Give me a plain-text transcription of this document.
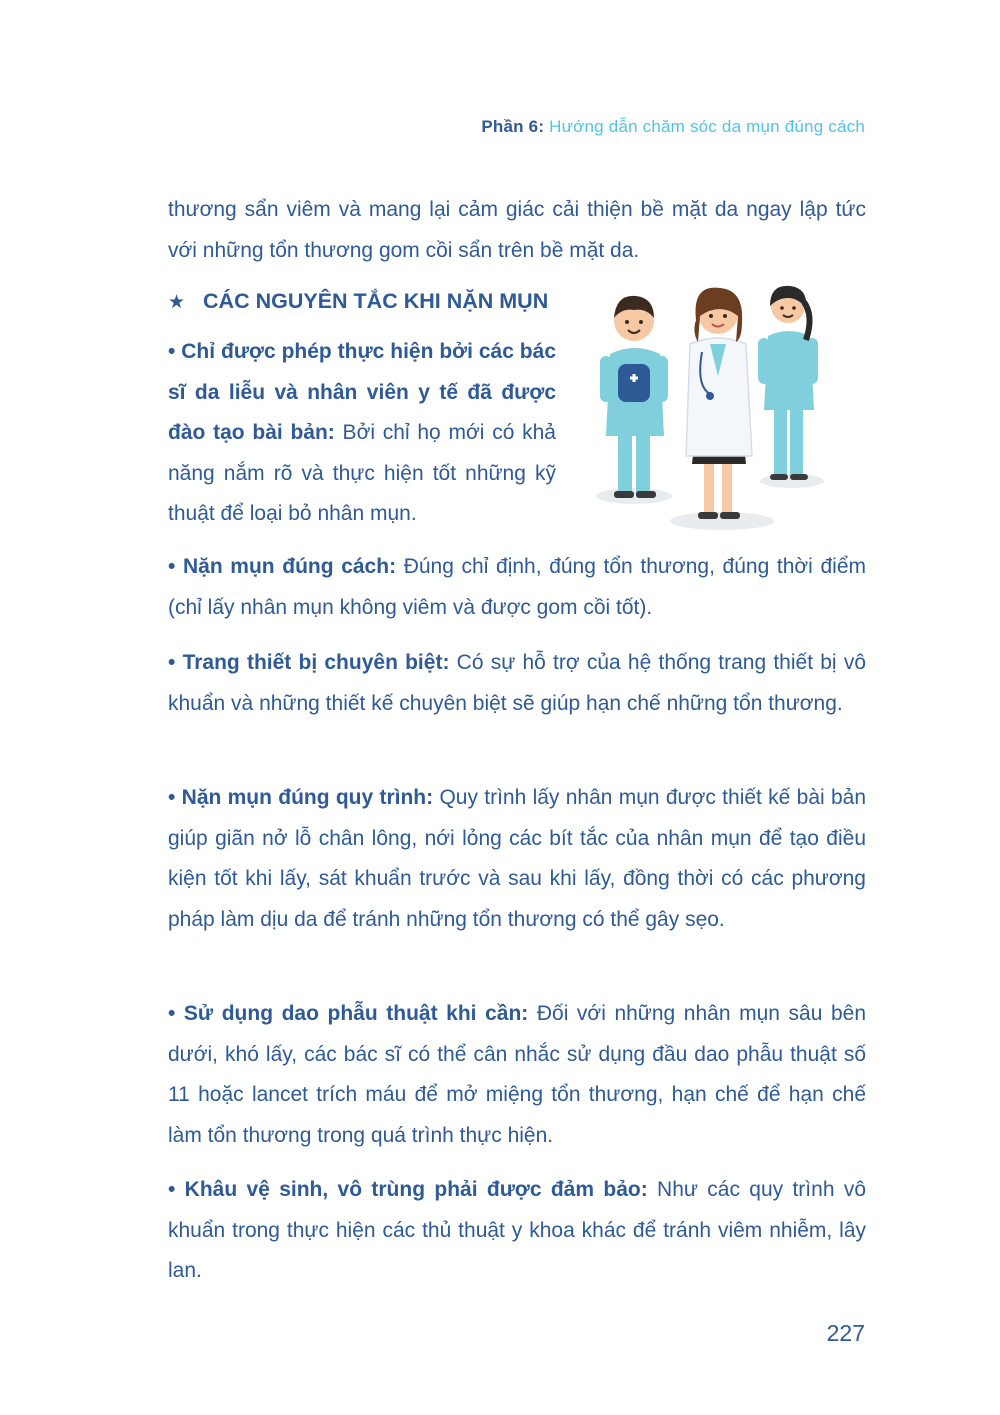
Phần 6: Hướng dẫn chăm sóc da mụn đúng cách

thương sẩn viêm và mang lại cảm giác cải thiện bề mặt da ngay lập tức với những tổn thương gom cồi sẩn trên bề mặt da.

★ CÁC NGUYÊN TẮC KHI NẶN MỤN

• Chỉ được phép thực hiện bởi các bác sĩ da liễu và nhân viên y tế đã được đào tạo bài bản: Bởi chỉ họ mới có khả năng nắm rõ và thực hiện tốt những kỹ thuật để loại bỏ nhân mụn.

• Nặn mụn đúng cách: Đúng chỉ định, đúng tổn thương, đúng thời điểm (chỉ lấy nhân mụn không viêm và được gom cồi tốt).

• Trang thiết bị chuyên biệt: Có sự hỗ trợ của hệ thống trang thiết bị vô khuẩn và những thiết kế chuyên biệt sẽ giúp hạn chế những tổn thương.

• Nặn mụn đúng quy trình: Quy trình lấy nhân mụn được thiết kế bài bản giúp giãn nở lỗ chân lông, nới lỏng các bít tắc của nhân mụn để tạo điều kiện tốt khi lấy, sát khuẩn trước và sau khi lấy, đồng thời có các phương pháp làm dịu da để tránh những tổn thương có thể gây sẹo.

• Sử dụng dao phẫu thuật khi cần: Đối với những nhân mụn sâu bên dưới, khó lấy, các bác sĩ có thể cân nhắc sử dụng đầu dao phẫu thuật số 11 hoặc lancet trích máu để mở miệng tổn thương, hạn chế để hạn chế làm tổn thương trong quá trình thực hiện.

• Khâu vệ sinh, vô trùng phải được đảm bảo: Như các quy trình vô khuẩn trong thực hiện các thủ thuật y khoa khác để tránh viêm nhiễm, lây lan.

227
